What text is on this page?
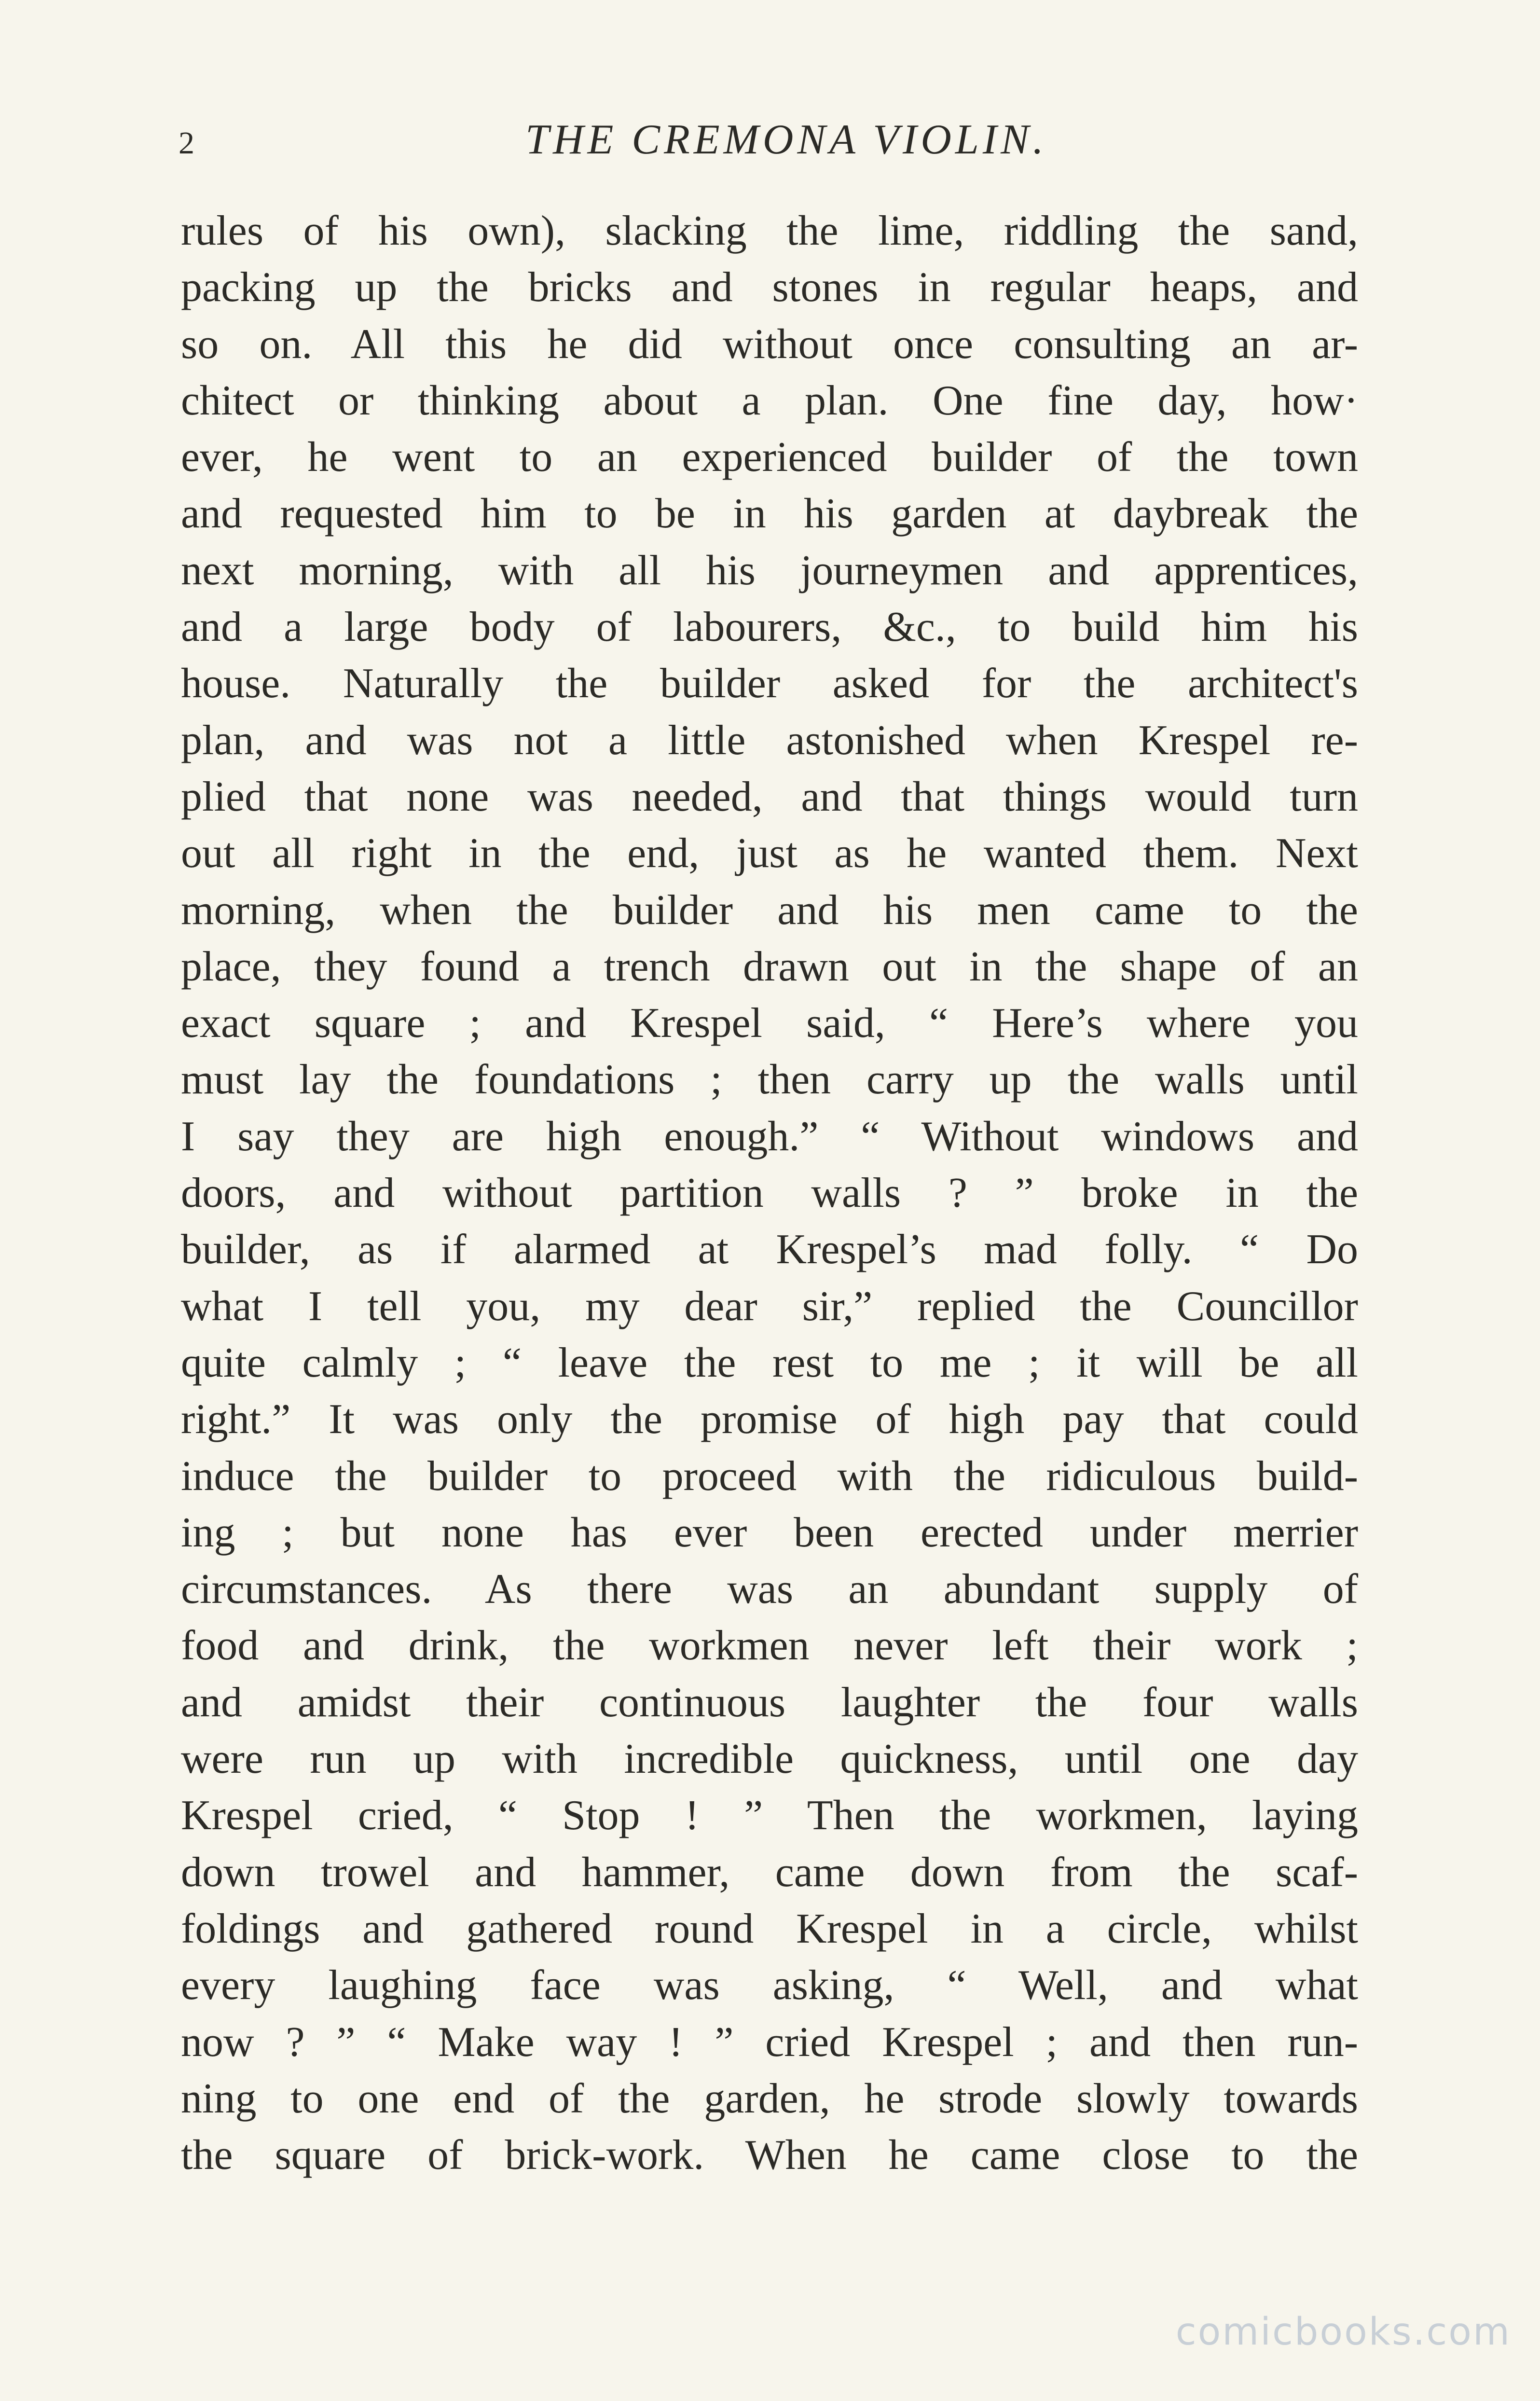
2	THE CREMONA VIOLIN.
rules of his own), slacking the lime, riddling the sand,
packing up the bricks and stones in regular heaps, and
so on. All this he did without once consulting an ar-
chitect or thinking about a plan. One fine day, how·
ever, he went to an experienced builder of the town
and requested him to be in his garden at daybreak the
next morning, with all his journeymen and apprentices,
and a large body of labourers, &c., to build him his
house. Naturally the builder asked for the architect's
plan, and was not a little astonished when Krespel re-
plied that none was needed, and that things would turn
out all right in the end, just as he wanted them. Next
morning, when the builder and his men came to the
place, they found a trench drawn out in the shape of an
exact square ; and Krespel said, “ Here’s where you
must lay the foundations ; then carry up the walls until
I say they are high enough.” “ Without windows and
doors, and without partition walls ? ” broke in the
builder, as if alarmed at Krespel’s mad folly. “ Do
what I tell you, my dear sir,” replied the Councillor
quite calmly ; “ leave the rest to me ; it will be all
right.” It was only the promise of high pay that could
induce the builder to proceed with the ridiculous build-
ing ; but none has ever been erected under merrier
circumstances. As there was an abundant supply of
food and drink, the workmen never left their work ;
and amidst their continuous laughter the four walls
were run up with incredible quickness, until one day
Krespel cried, “ Stop ! ” Then the workmen, laying
down trowel and hammer, came down from the scaf-
foldings and gathered round Krespel in a circle, whilst
every laughing face was asking, “ Well, and what
now ? ” “ Make way ! ” cried Krespel ; and then run-
ning to one end of the garden, he strode slowly towards
the square of brick-work. When he came close to the
comicbooks.com
